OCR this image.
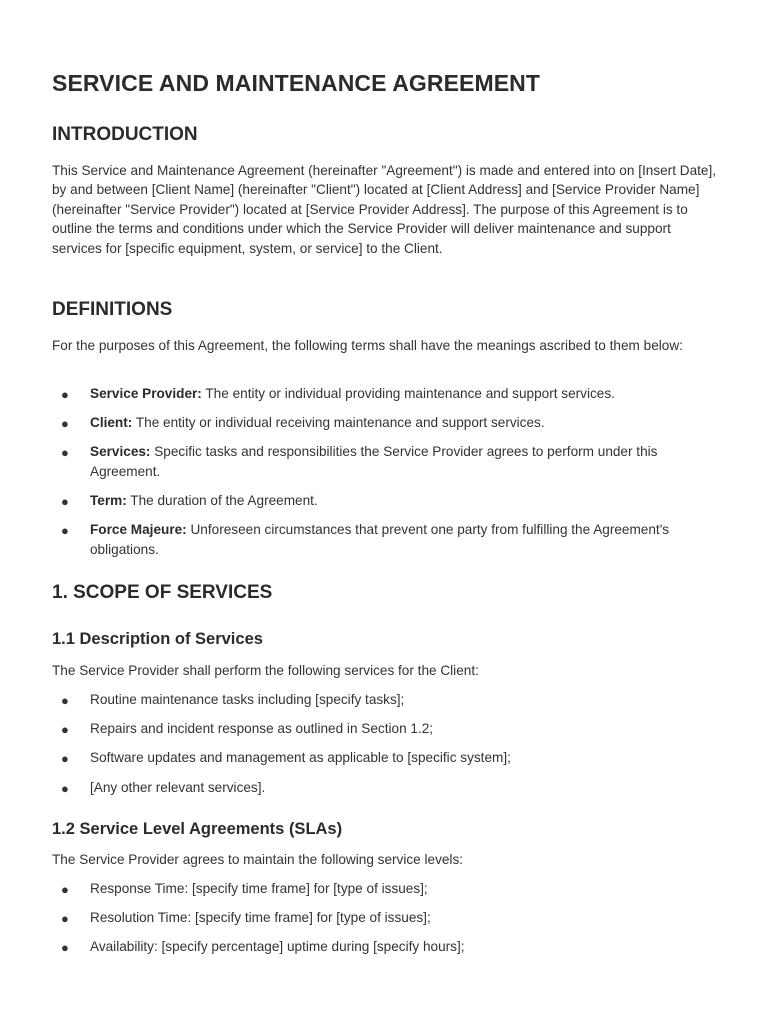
SERVICE AND MAINTENANCE AGREEMENT
INTRODUCTION

This Service and Maintenance Agreement (hereinafter "Agreement") is made and entered into on [Insert Date], by and between [Client Name] (hereinafter "Client") located at [Client Address] and [Service Provider Name] (hereinafter "Service Provider") located at [Service Provider Address]. The purpose of this Agreement is to outline the terms and conditions under which the Service Provider will deliver maintenance and support services for [specific equipment, system, or service] to the Client.

DEFINITIONS

For the purposes of this Agreement, the following terms shall have the meanings ascribed to them below:

● Service Provider: The entity or individual providing maintenance and support services.
● Client: The entity or individual receiving maintenance and support services.
● Services: Specific tasks and responsibilities the Service Provider agrees to perform under this Agreement.
● Term: The duration of the Agreement.
● Force Majeure: Unforeseen circumstances that prevent one party from fulfilling the Agreement's obligations.
1. SCOPE OF SERVICES
1.1 Description of Services

The Service Provider shall perform the following services for the Client:

● Routine maintenance tasks including [specify tasks];
● Repairs and incident response as outlined in Section 1.2;
● Software updates and management as applicable to [specific system];
● [Any other relevant services].
1.2 Service Level Agreements (SLAs)

The Service Provider agrees to maintain the following service levels:

● Response Time: [specify time frame] for [type of issues];
● Resolution Time: [specify time frame] for [type of issues];
● Availability: [specify percentage] uptime during [specify hours];
